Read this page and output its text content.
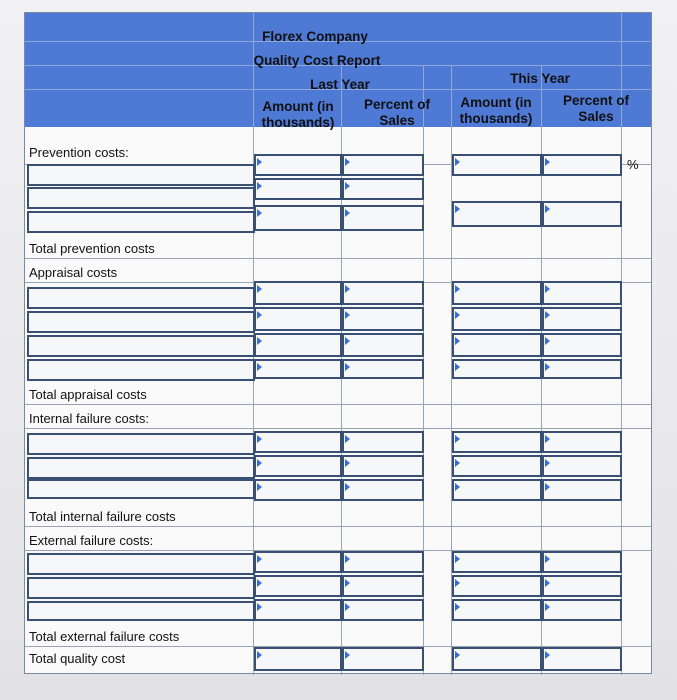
Florex Company
Quality Cost Report
Last Year	This Year
Amount (in
thousands)
Percent of
Sales
Amount (in
thousands)
Percent of
Sales
Prevention costs:
%
Total prevention costs
Appraisal costs
Total appraisal costs
Internal failure costs:
Total internal failure costs
External failure costs:
Total external failure costs
Total quality cost
